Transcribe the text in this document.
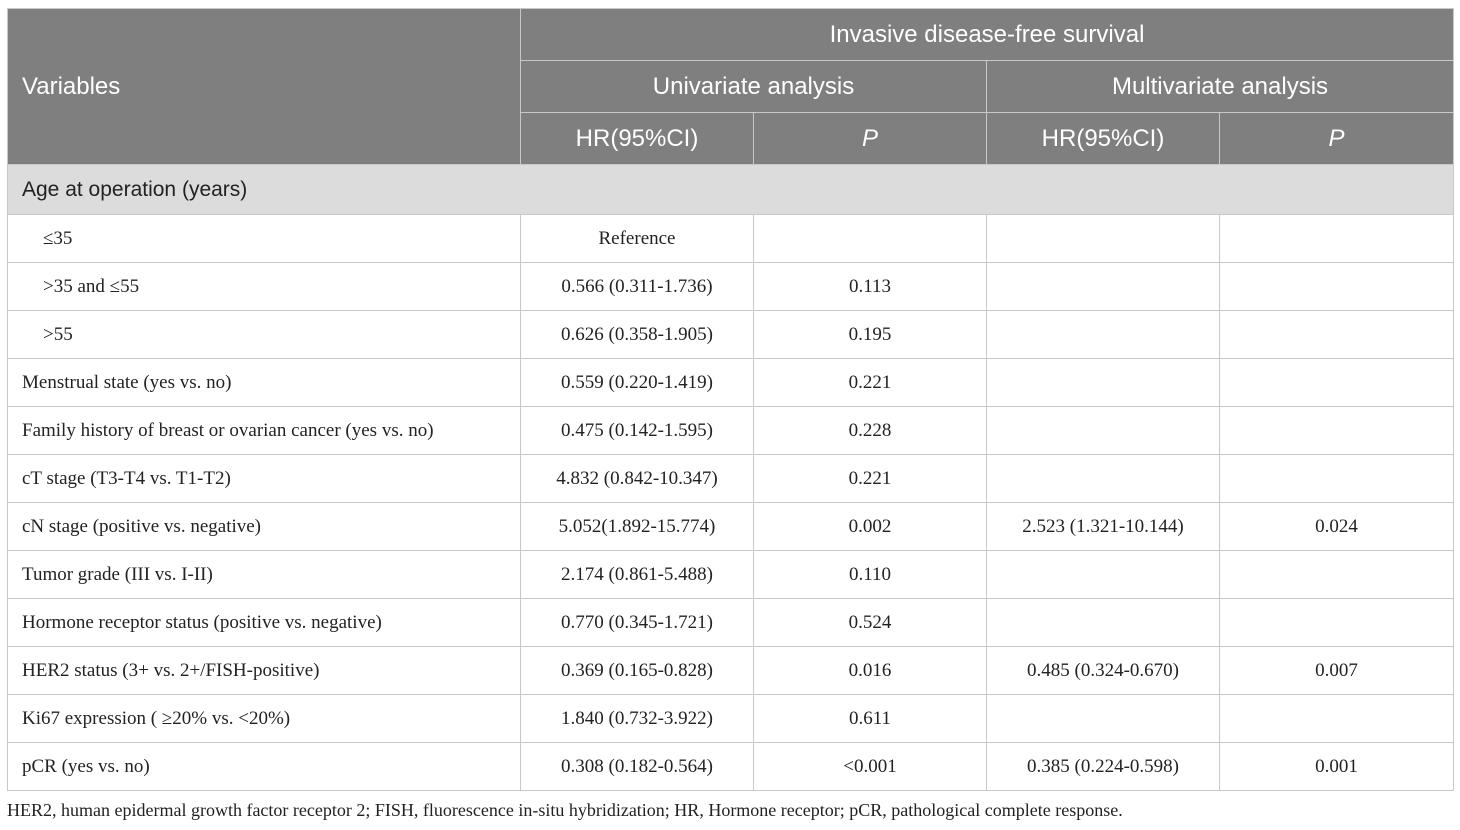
Variables	Invasive disease-free survival			
	Univariate analysis		Multivariate analysis	
	HR(95%CI)	P	HR(95%CI)	P
Age at operation (years)				
≤35	Reference			
>35 and ≤55	0.566 (0.311-1.736)	0.113		
>55	0.626 (0.358-1.905)	0.195		
Menstrual state (yes vs. no)	0.559 (0.220-1.419)	0.221		
Family history of breast or ovarian cancer (yes vs. no)	0.475 (0.142-1.595)	0.228		
cT stage (T3-T4 vs. T1-T2)	4.832 (0.842-10.347)	0.221		
cN stage (positive vs. negative)	5.052(1.892-15.774)	0.002	2.523 (1.321-10.144)	0.024
Tumor grade (III vs. I-II)	2.174 (0.861-5.488)	0.110		
Hormone receptor status (positive vs. negative)	0.770 (0.345-1.721)	0.524		
HER2 status (3+ vs. 2+/FISH-positive)	0.369 (0.165-0.828)	0.016	0.485 (0.324-0.670)	0.007
Ki67 expression ( ≥20% vs. <20%)	1.840 (0.732-3.922)	0.611		
pCR (yes vs. no)	0.308 (0.182-0.564)	<0.001	0.385 (0.224-0.598)	0.001
HER2, human epidermal growth factor receptor 2; FISH, fluorescence in-situ hybridization; HR, Hormone receptor; pCR, pathological complete response.
